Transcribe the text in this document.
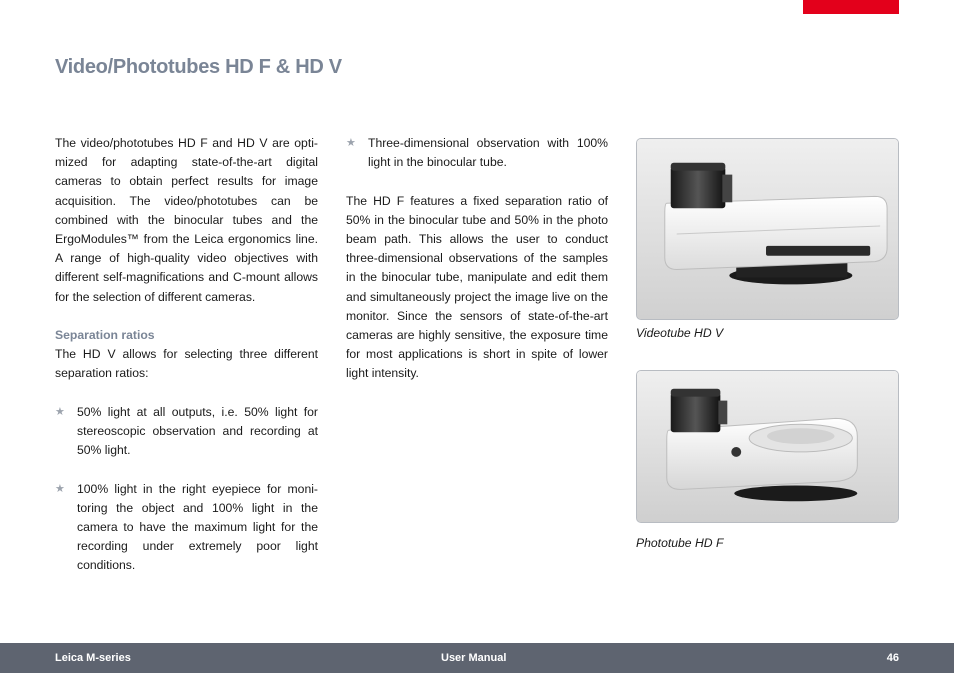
Video/Phototubes HD F & HD V

The video/phototubes HD F and HD V are opti-mized for adapting state-of-the-art digital cameras to obtain perfect results for image acquisition. The video/phototubes can be combined with the binocular tubes and the ErgoModules™ from the Leica ergonomics line. A range of high-quality video objectives with different self-magnifications and C-mount allows for the selection of different cameras.

Separation ratios

The HD V allows for selecting three different separation ratios:

★ 50% light at all outputs, i.e. 50% light for stereoscopic observation and recording at 50% light.
★ 100% light in the right eyepiece for moni-toring the object and 100% light in the camera to have the maximum light for the recording under extremely poor light conditions.
★ Three-dimensional observation with 100% light in the binocular tube.

The HD F features a fixed separation ratio of 50% in the binocular tube and 50% in the photo beam path. This allows the user to conduct three-dimensional observations of the samples in the binocular tube, manipulate and edit them and simultaneously project the image live on the monitor. Since the sensors of state-of-the-art cameras are highly sensitive, the exposure time for most applications is short in spite of lower light intensity.

Videotube HD V
Phototube HD F
Leica M-series	User Manual	46
